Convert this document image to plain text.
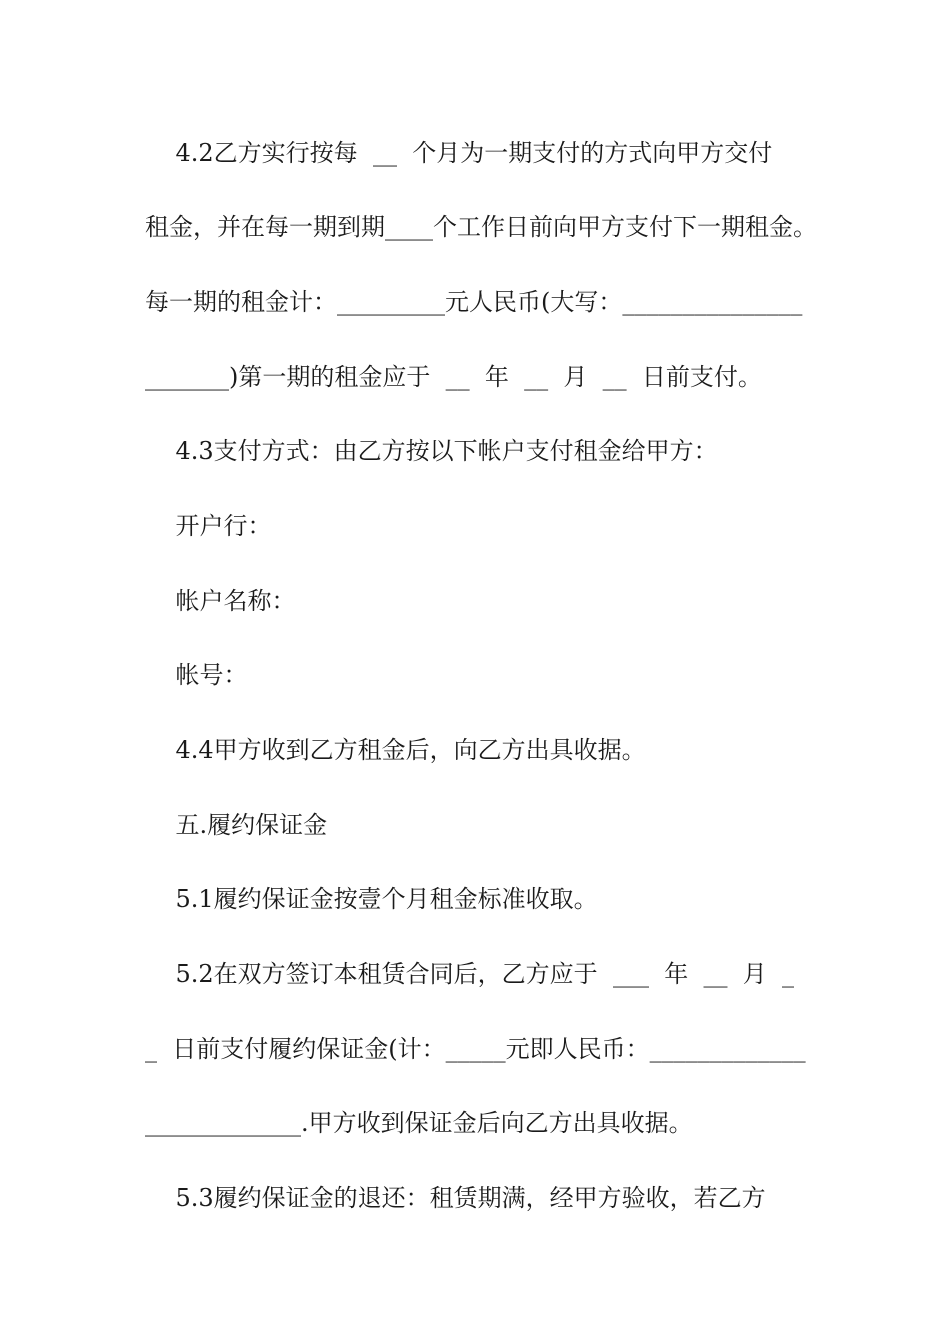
4.2乙方实行按每  __  个月为一期支付的方式向甲方交付

租金，并在每一期到期____个工作日前向甲方支付下一期租金。

每一期的租金计：_________元人民币(大写：_______________

_______)第一期的租金应于  __  年  __  月  __  日前支付。

4.3支付方式：由乙方按以下帐户支付租金给甲方：

开户行：

帐户名称：

帐号：

4.4甲方收到乙方租金后，向乙方出具收据。

五.履约保证金

5.1履约保证金按壹个月租金标准收取。

5.2在双方签订本租赁合同后，乙方应于  ___  年  __  月  _

_  日前支付履约保证金(计：_____元即人民币：_____________

_____________.甲方收到保证金后向乙方出具收据。

5.3履约保证金的退还：租赁期满，经甲方验收，若乙方
